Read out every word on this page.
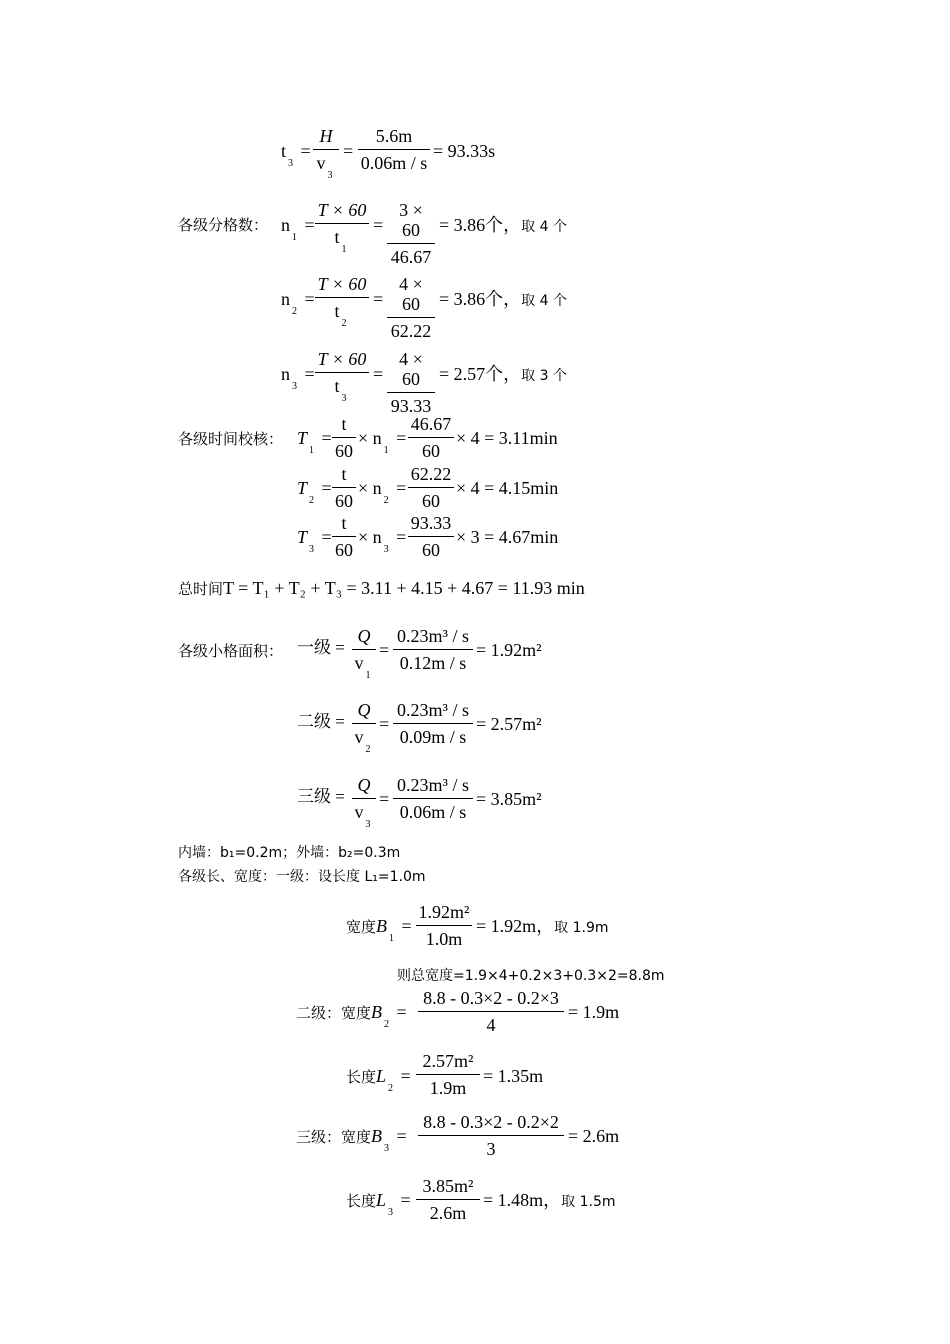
$t_3 = \frac{H}{v_3} = \frac{5.6m}{0.06m / s} = 93.33s$
各级分格数： $n_1 = \frac{T \times 60}{t_1} = \frac{3 \times 60}{46.67} = 3.86$个，取 4 个
$n_2 = \frac{T \times 60}{t_2} = \frac{4 \times 60}{62.22} = 3.86$个，取 4 个
$n_3 = \frac{T \times 60}{t_3} = \frac{4 \times 60}{93.33} = 2.57$个，取 3 个
各级时间校核： $T_1 = \frac{t}{60} \times n_1 = \frac{46.67}{60} \times 4 = 3.11\min$
$T_2 = \frac{t}{60} \times n_2 = \frac{62.22}{60} \times 4 = 4.15\min$
$T_3 = \frac{t}{60} \times n_3 = \frac{93.33}{60} \times 3 = 4.67\min$
总时间T = T₁ + T₂ + T₃ = 3.11 + 4.15 + 4.67 = 11.93 min
各级小格面积： 一级 = $\frac{Q}{v_1} = \frac{\text{0.23m³ / s}}{0.12m / s} = 1.92m^2$
二级 = $\frac{Q}{v_2} = \frac{\text{0.23m³ / s}}{0.09m / s} = 2.57m^2$
三级 = $\frac{Q}{v_3} = \frac{\text{0.23m³ / s}}{0.06m / s} = 3.85m^2$
内墙：b₁=0.2m；外墙：b₂=0.3m
各级长、宽度：一级：设长度 L₁=1.0m
宽度$B_1 = \frac{\text{1.92m²}}{1.0m} = 1.92m$，取 1.9m
则总宽度=1.9×4+0.2×3+0.3×2=8.8m
二级：宽度$B_2 = \frac{8.8 - 0.3\times 2 - 0.2\times 3}{4} = 1.9m$
长度$L_2 = \frac{\text{2.57m²}}{1.9m} = 1.35m$
三级：宽度$B_3 = \frac{8.8 - 0.3\times 2 - 0.2\times 2}{3} = 2.6m$
长度$L_3 = \frac{\text{3.85m²}}{2.6m} = 1.48m$，取 1.5m
